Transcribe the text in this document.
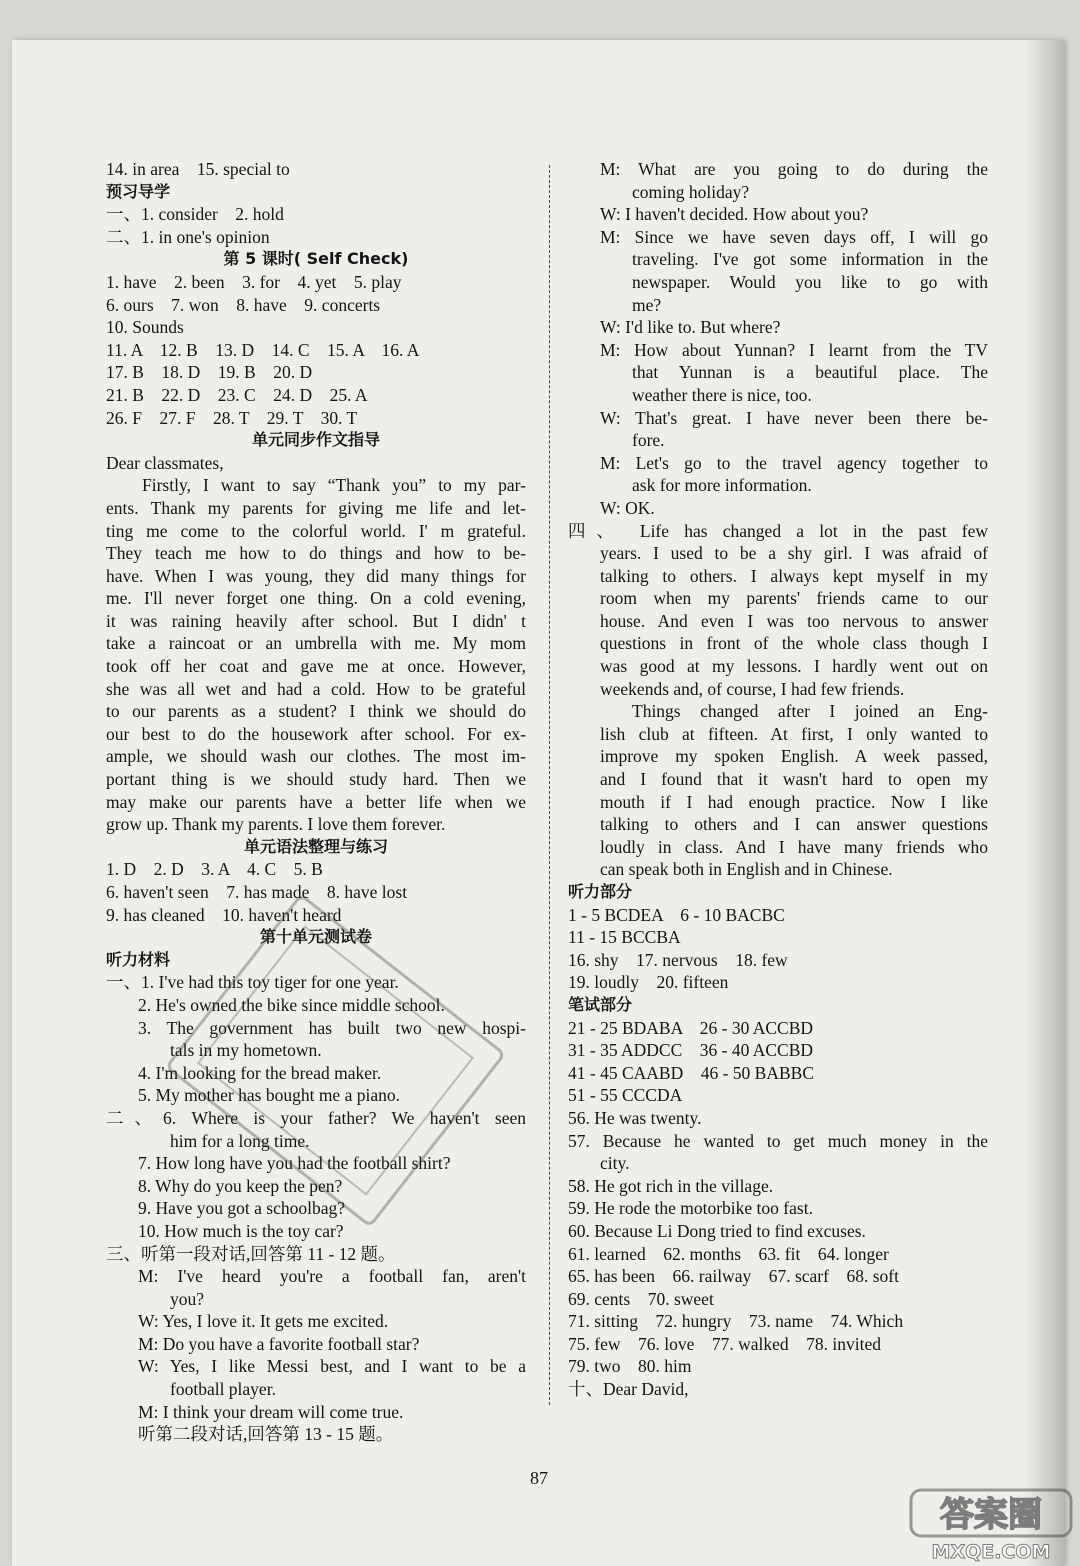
14. in area    15. special to
预习导学
一、1. consider    2. hold
二、1. in one's opinion
第 5 课时( Self Check)
1. have    2. been    3. for    4. yet    5. play
6. ours    7. won    8. have    9. concerts
10. Sounds
11. A    12. B    13. D    14. C    15. A    16. A
17. B    18. D    19. B    20. D
21. B    22. D    23. C    24. D    25. A
26. F    27. F    28. T    29. T    30. T
单元同步作文指导
Dear classmates,
Firstly, I want to say “Thank you” to my par-
ents. Thank my parents for giving me life and let-
ting me come to the colorful world. I' m grateful.
They teach me how to do things and how to be-
have. When I was young, they did many things for
me. I'll never forget one thing. On a cold evening,
it was raining heavily after school. But I didn' t
take a raincoat or an umbrella with me. My mom
took off her coat and gave me at once. However,
she was all wet and had a cold. How to be grateful
to our parents as a student? I think we should do
our best to do the housework after school. For ex-
ample, we should wash our clothes. The most im-
portant thing is we should study hard. Then we
may make our parents have a better life when we
grow up. Thank my parents. I love them forever.
单元语法整理与练习
1. D    2. D    3. A    4. C    5. B
6. haven't seen    7. has made    8. have lost
9. has cleaned    10. haven't heard
第十单元测试卷
听力材料
一、1. I've had this toy tiger for one year.
2. He's owned the bike since middle school.
3. The government has built two new hospi-
tals in my hometown.
4. I'm looking for the bread maker.
5. My mother has bought me a piano.
二、6. Where is your father? We haven't seen
him for a long time.
7. How long have you had the football shirt?
8. Why do you keep the pen?
9. Have you got a schoolbag?
10. How much is the toy car?
三、听第一段对话,回答第 11 - 12 题。
M: I've heard you're a football fan, aren't
you?
W: Yes, I love it. It gets me excited.
M: Do you have a favorite football star?
W: Yes, I like Messi best, and I want to be a
football player.
M: I think your dream will come true.
听第二段对话,回答第 13 - 15 题。
M: What are you going to do during the
coming holiday?
W: I haven't decided. How about you?
M: Since we have seven days off, I will go
traveling. I've got some information in the
newspaper. Would you like to go with
me?
W: I'd like to. But where?
M: How about Yunnan? I learnt from the TV
that Yunnan is a beautiful place. The
weather there is nice, too.
W: That's great. I have never been there be-
fore.
M: Let's go to the travel agency together to
ask for more information.
W: OK.
四、 Life has changed a lot in the past few
years. I used to be a shy girl. I was afraid of
talking to others. I always kept myself in my
room when my parents' friends came to our
house. And even I was too nervous to answer
questions in front of the whole class though I
was good at my lessons. I hardly went out on
weekends and, of course, I had few friends.
Things changed after I joined an Eng-
lish club at fifteen. At first, I only wanted to
improve my spoken English. A week passed,
and I found that it wasn't hard to open my
mouth if I had enough practice. Now I like
talking to others and I can answer questions
loudly in class. And I have many friends who
can speak both in English and in Chinese.
听力部分
1 - 5 BCDEA    6 - 10 BACBC
11 - 15 BCCBA
16. shy    17. nervous    18. few
19. loudly    20. fifteen
笔试部分
21 - 25 BDABA    26 - 30 ACCBD
31 - 35 ADDCC    36 - 40 ACCBD
41 - 45 CAABD    46 - 50 BABBC
51 - 55 CCCDA
56. He was twenty.
57. Because he wanted to get much money in the
city.
58. He got rich in the village.
59. He rode the motorbike too fast.
60. Because Li Dong tried to find excuses.
61. learned    62. months    63. fit    64. longer
65. has been    66. railway    67. scarf    68. soft
69. cents    70. sweet
71. sitting    72. hungry    73. name    74. Which
75. few    76. love    77. walked    78. invited
79. two    80. him
十、Dear David,
87
答案圈
MXQE.COM
